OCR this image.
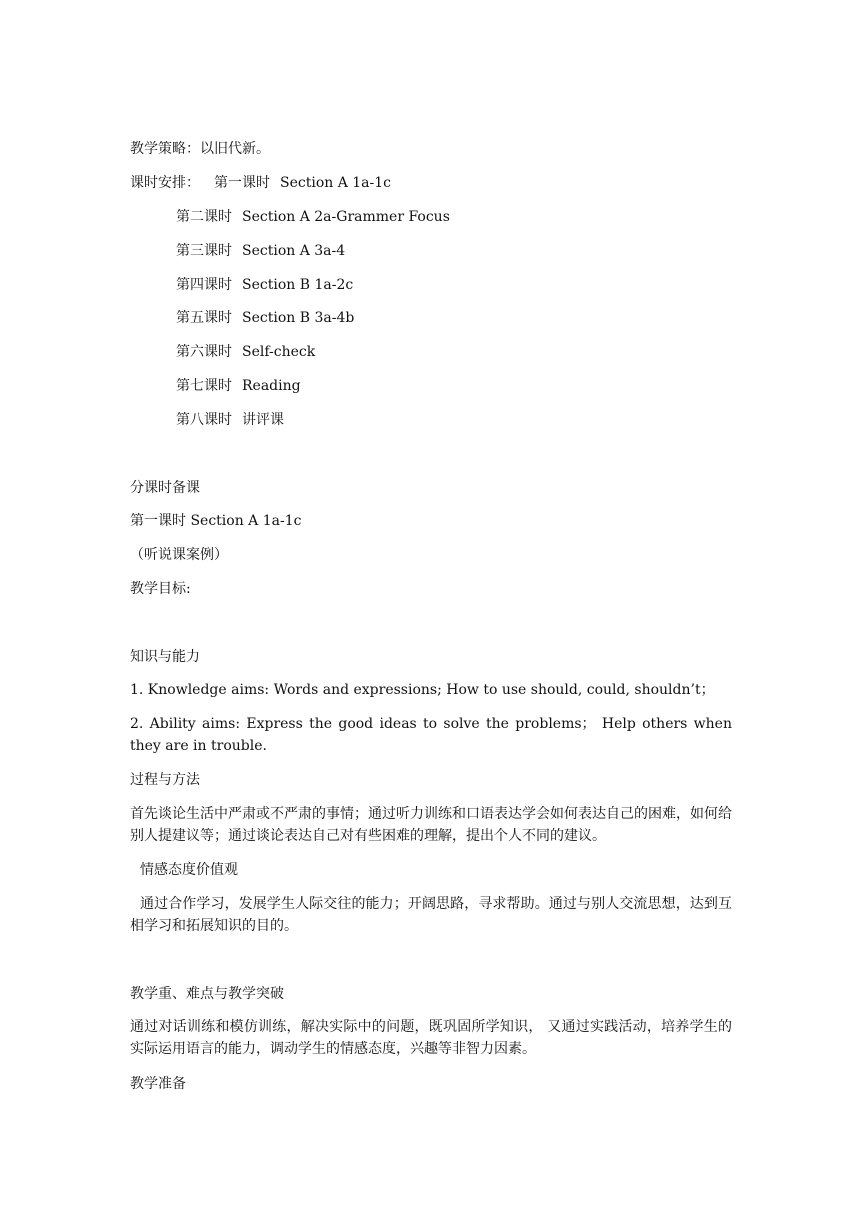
教学策略：以旧代新。
课时安排： 第一课时 Section A 1a-1c
第二课时 Section A 2a-Grammer Focus
第三课时 Section A 3a-4
第四课时 Section B 1a-2c
第五课时 Section B 3a-4b
第六课时 Self-check
第七课时 Reading
第八课时 讲评课
分课时备课
第一课时 Section A 1a-1c
（听说课案例）
教学目标:
知识与能力
1. Knowledge aims: Words and expressions; How to use should, could, shouldn’t；
2. Ability aims: Express the good ideas to solve the problems； Help others when they are in trouble.
过程与方法
首先谈论生活中严肃或不严肃的事情；通过听力训练和口语表达学会如何表达自己的困难，如何给别人提建议等；通过谈论表达自己对有些困难的理解，提出个人不同的建议。
情感态度价值观
通过合作学习，发展学生人际交往的能力；开阔思路，寻求帮助。通过与别人交流思想，达到互相学习和拓展知识的目的。
教学重、难点与教学突破
通过对话训练和模仿训练，解决实际中的问题，既巩固所学知识， 又通过实践活动，培养学生的实际运用语言的能力，调动学生的情感态度，兴趣等非智力因素。
教学准备
